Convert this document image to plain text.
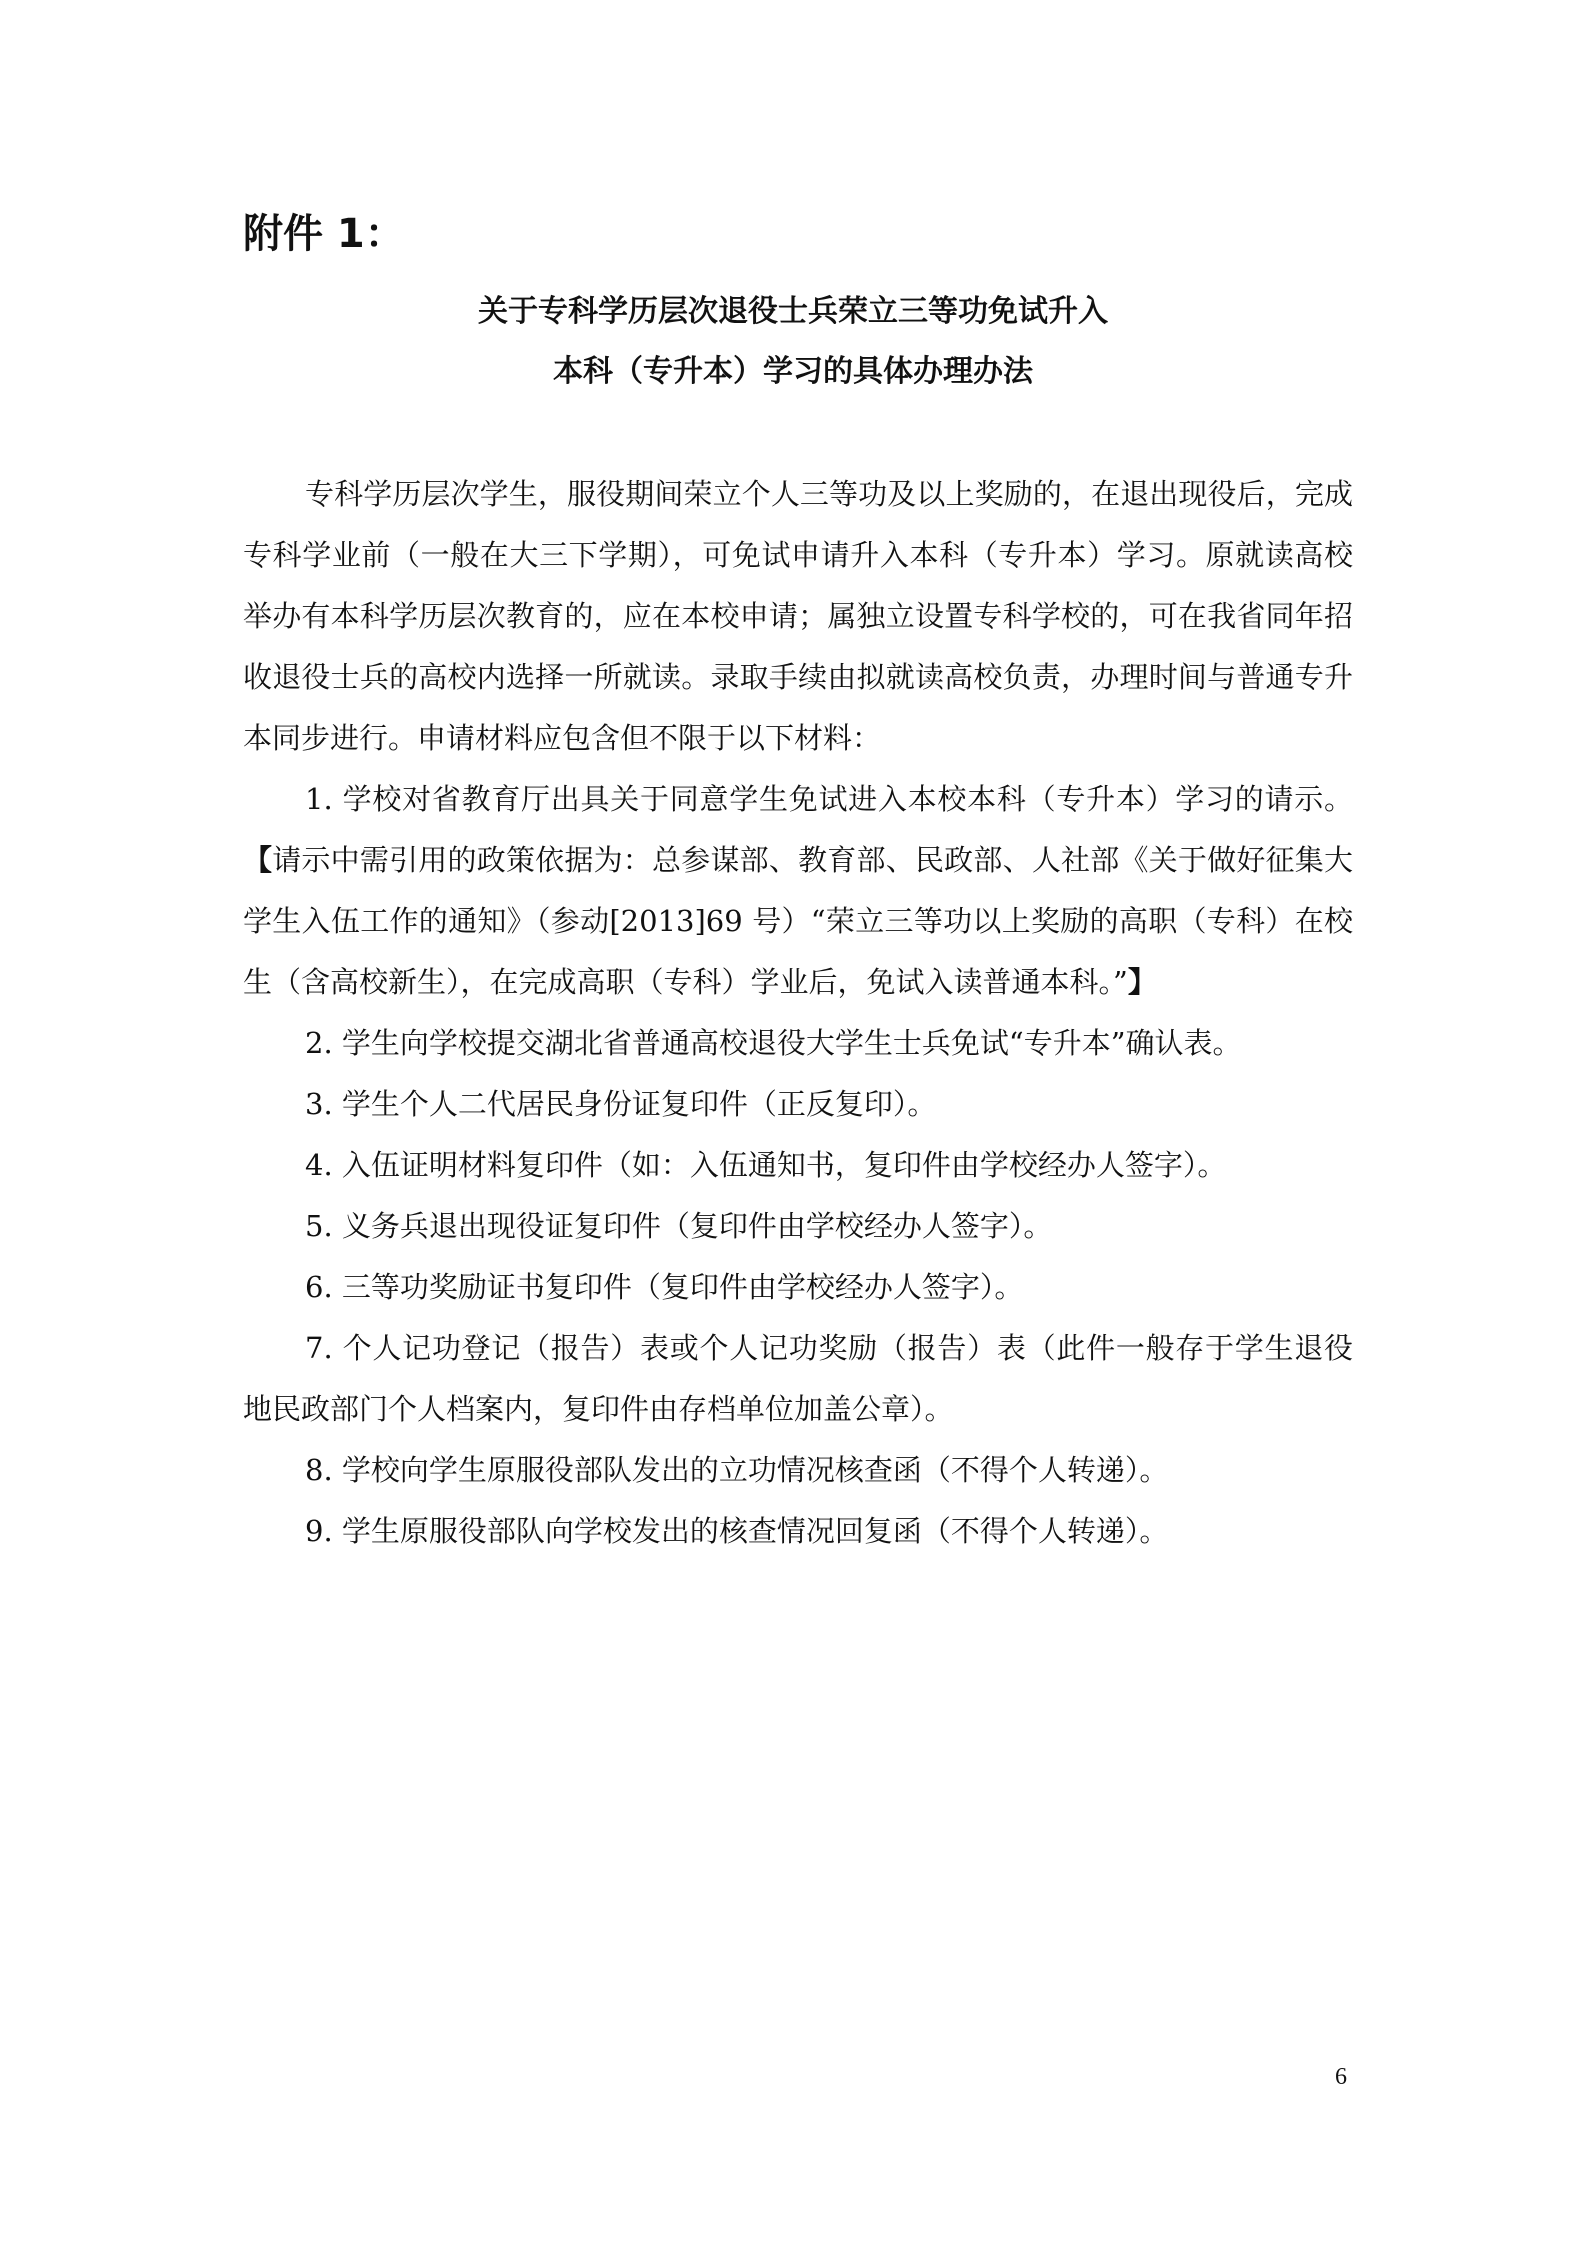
附件 1：
关于专科学历层次退役士兵荣立三等功免试升入
本科（专升本）学习的具体办理办法

专科学历层次学生，服役期间荣立个人三等功及以上奖励的，在退出现役后，完成专科学业前（一般在大三下学期），可免试申请升入本科（专升本）学习。原就读高校举办有本科学历层次教育的，应在本校申请；属独立设置专科学校的，可在我省同年招收退役士兵的高校内选择一所就读。录取手续由拟就读高校负责，办理时间与普通专升本同步进行。申请材料应包含但不限于以下材料：

1. 学校对省教育厅出具关于同意学生免试进入本校本科（专升本）学习的请示。【请示中需引用的政策依据为：总参谋部、教育部、民政部、人社部《关于做好征集大学生入伍工作的通知》（参动[2013]69 号）“荣立三等功以上奖励的高职（专科）在校生（含高校新生），在完成高职（专科）学业后，免试入读普通本科。”】

2. 学生向学校提交湖北省普通高校退役大学生士兵免试“专升本”确认表。

3. 学生个人二代居民身份证复印件（正反复印）。

4. 入伍证明材料复印件（如：入伍通知书，复印件由学校经办人签字）。

5. 义务兵退出现役证复印件（复印件由学校经办人签字）。

6. 三等功奖励证书复印件（复印件由学校经办人签字）。

7. 个人记功登记（报告）表或个人记功奖励（报告）表（此件一般存于学生退役地民政部门个人档案内，复印件由存档单位加盖公章）。

8. 学校向学生原服役部队发出的立功情况核查函（不得个人转递）。

9. 学生原服役部队向学校发出的核查情况回复函（不得个人转递）。

6
